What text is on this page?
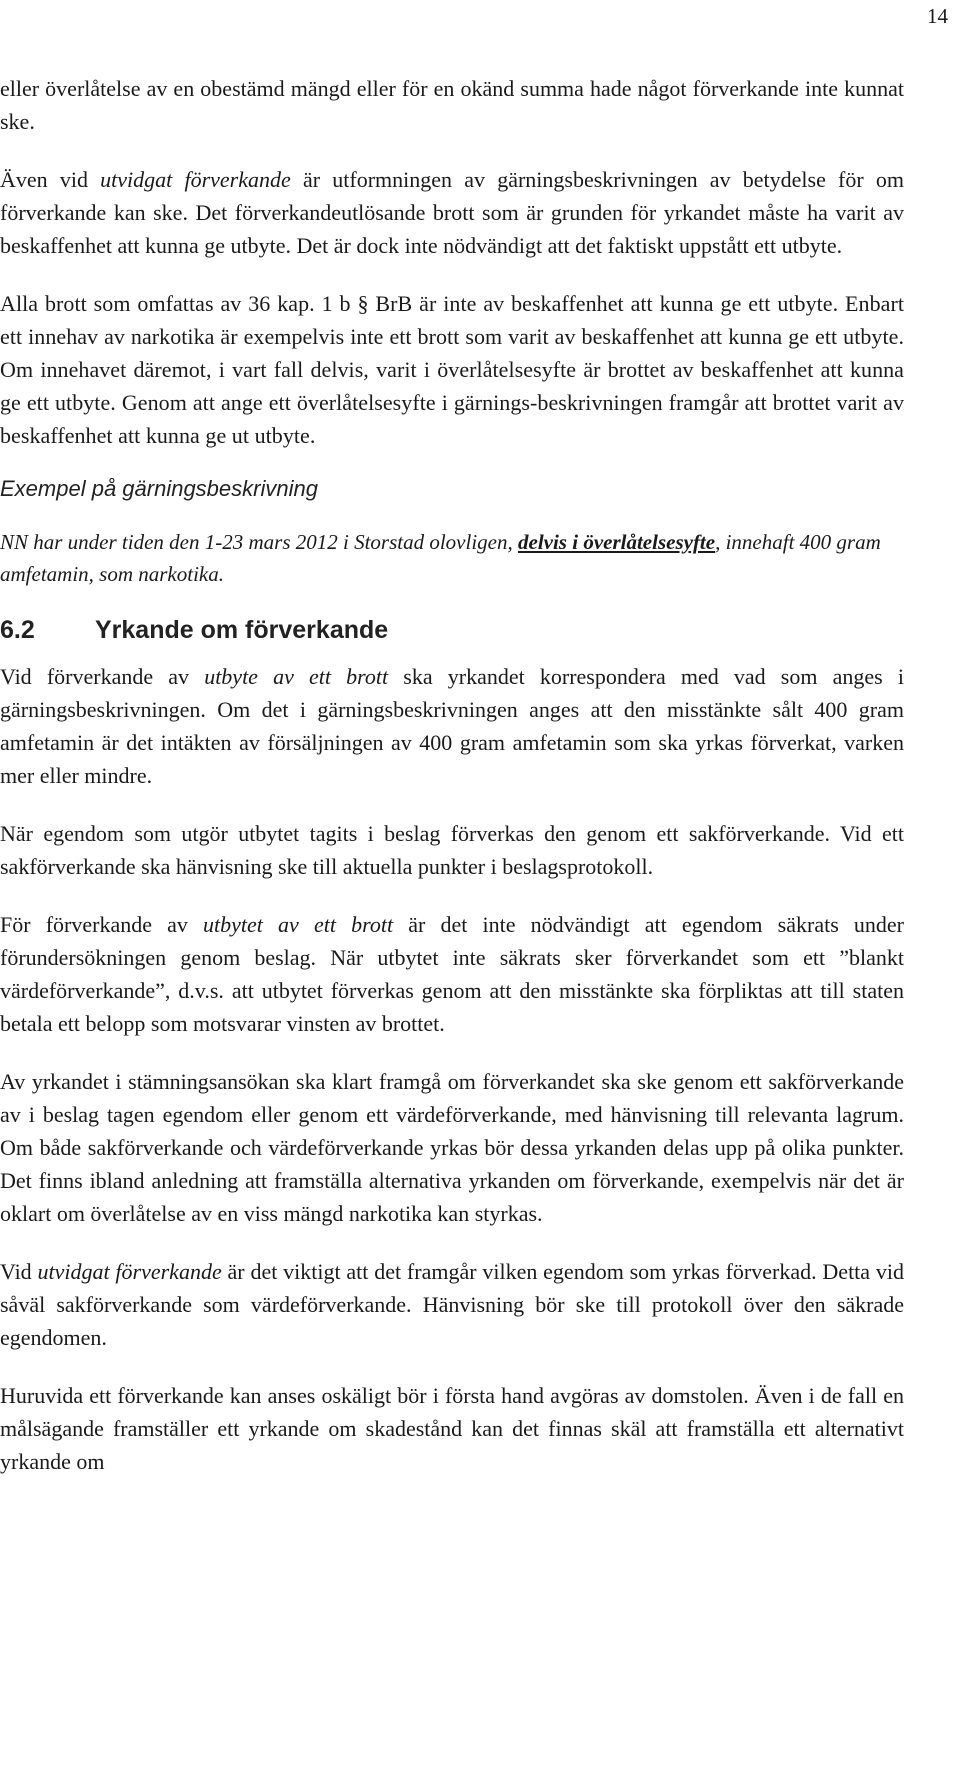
14

eller överlåtelse av en obestämd mängd eller för en okänd summa hade något förverkande inte kunnat ske.

Även vid utvidgat förverkande är utformningen av gärningsbeskrivningen av betydelse för om förverkande kan ske. Det förverkandeutlösande brott som är grunden för yrkandet måste ha varit av beskaffenhet att kunna ge utbyte. Det är dock inte nödvändigt att det faktiskt uppstått ett utbyte.

Alla brott som omfattas av 36 kap. 1 b § BrB är inte av beskaffenhet att kunna ge ett utbyte. Enbart ett innehav av narkotika är exempelvis inte ett brott som varit av beskaffenhet att kunna ge ett utbyte. Om innehavet däremot, i vart fall delvis, varit i överlåtelsesyfte är brottet av beskaffenhet att kunna ge ett utbyte. Genom att ange ett överlåtelsesyfte i gärnings-beskrivningen framgår att brottet varit av beskaffenhet att kunna ge ut utbyte.

Exempel på gärningsbeskrivning

NN har under tiden den 1-23 mars 2012 i Storstad olovligen, delvis i överlåtelsesyfte, innehaft 400 gram amfetamin, som narkotika.

6.2 Yrkande om förverkande

Vid förverkande av utbyte av ett brott ska yrkandet korrespondera med vad som anges i gärningsbeskrivningen. Om det i gärningsbeskrivningen anges att den misstänkte sålt 400 gram amfetamin är det intäkten av försäljningen av 400 gram amfetamin som ska yrkas förverkat, varken mer eller mindre.

När egendom som utgör utbytet tagits i beslag förverkas den genom ett sakförverkande. Vid ett sakförverkande ska hänvisning ske till aktuella punkter i beslagsprotokoll.

För förverkande av utbytet av ett brott är det inte nödvändigt att egendom säkrats under förundersökningen genom beslag. När utbytet inte säkrats sker förverkandet som ett ”blankt värdeförverkande”, d.v.s. att utbytet förverkas genom att den misstänkte ska förpliktas att till staten betala ett belopp som motsvarar vinsten av brottet.

Av yrkandet i stämningsansökan ska klart framgå om förverkandet ska ske genom ett sakförverkande av i beslag tagen egendom eller genom ett värdeförverkande, med hänvisning till relevanta lagrum. Om både sakförverkande och värdeförverkande yrkas bör dessa yrkanden delas upp på olika punkter. Det finns ibland anledning att framställa alternativa yrkanden om förverkande, exempelvis när det är oklart om överlåtelse av en viss mängd narkotika kan styrkas.

Vid utvidgat förverkande är det viktigt att det framgår vilken egendom som yrkas förverkad. Detta vid såväl sakförverkande som värdeförverkande. Hänvisning bör ske till protokoll över den säkrade egendomen.

Huruvida ett förverkande kan anses oskäligt bör i första hand avgöras av domstolen. Även i de fall en målsägande framställer ett yrkande om skadestånd kan det finnas skäl att framställa ett alternativt yrkande om
